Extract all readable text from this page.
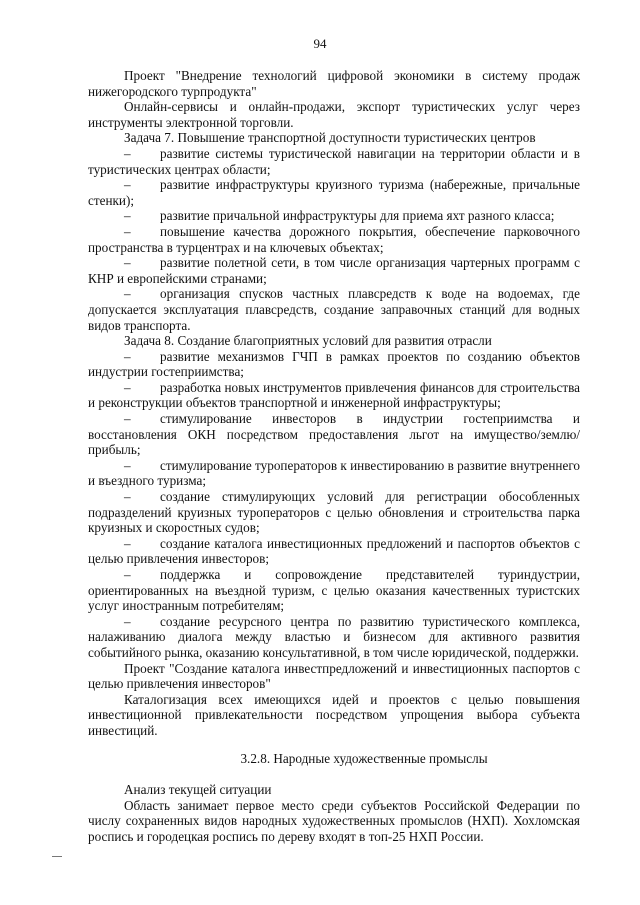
94

Проект "Внедрение технологий цифровой экономики в систему продаж нижегородского турпродукта"

Онлайн-сервисы и онлайн-продажи, экспорт туристических услуг через инструменты электронной торговли.

Задача 7. Повышение транспортной доступности туристических центров

– развитие системы туристической навигации на территории области и в туристических центрах области;

– развитие инфраструктуры круизного туризма (набережные, причальные стенки);

– развитие причальной инфраструктуры для приема яхт разного класса;

– повышение качества дорожного покрытия, обеспечение парковочного пространства в турцентрах и на ключевых объектах;

– развитие полетной сети, в том числе организация чартерных программ с КНР и европейскими странами;

– организация спусков частных плавсредств к воде на водоемах, где допускается эксплуатация плавсредств, создание заправочных станций для водных видов транспорта.

Задача 8. Создание благоприятных условий для развития отрасли

– развитие механизмов ГЧП в рамках проектов по созданию объектов индустрии гостеприимства;

– разработка новых инструментов привлечения финансов для строительства и реконструкции объектов транспортной и инженерной инфраструктуры;

– стимулирование инвесторов в индустрии гостеприимства и восстановления ОКН посредством предоставления льгот на имущество/землю/прибыль;

– стимулирование туроператоров к инвестированию в развитие внутреннего и въездного туризма;

– создание стимулирующих условий для регистрации обособленных подразделений круизных туроператоров с целью обновления и строительства парка круизных и скоростных судов;

– создание каталога инвестиционных предложений и паспортов объектов с целью привлечения инвесторов;

– поддержка и сопровождение представителей туриндустрии, ориентированных на въездной туризм, с целью оказания качественных туристских услуг иностранным потребителям;

– создание ресурсного центра по развитию туристического комплекса, налаживанию диалога между властью и бизнесом для активного развития событийного рынка, оказанию консультативной, в том числе юридической, поддержки.

Проект "Создание каталога инвестпредложений и инвестиционных паспортов с целью привлечения инвесторов"

Каталогизация всех имеющихся идей и проектов с целью повышения инвестиционной привлекательности посредством упрощения выбора субъекта инвестиций.

3.2.8. Народные художественные промыслы

Анализ текущей ситуации

Область занимает первое место среди субъектов Российской Федерации по числу сохраненных видов народных художественных промыслов (НХП). Хохломская роспись и городецкая роспись по дереву входят в топ-25 НХП России.
